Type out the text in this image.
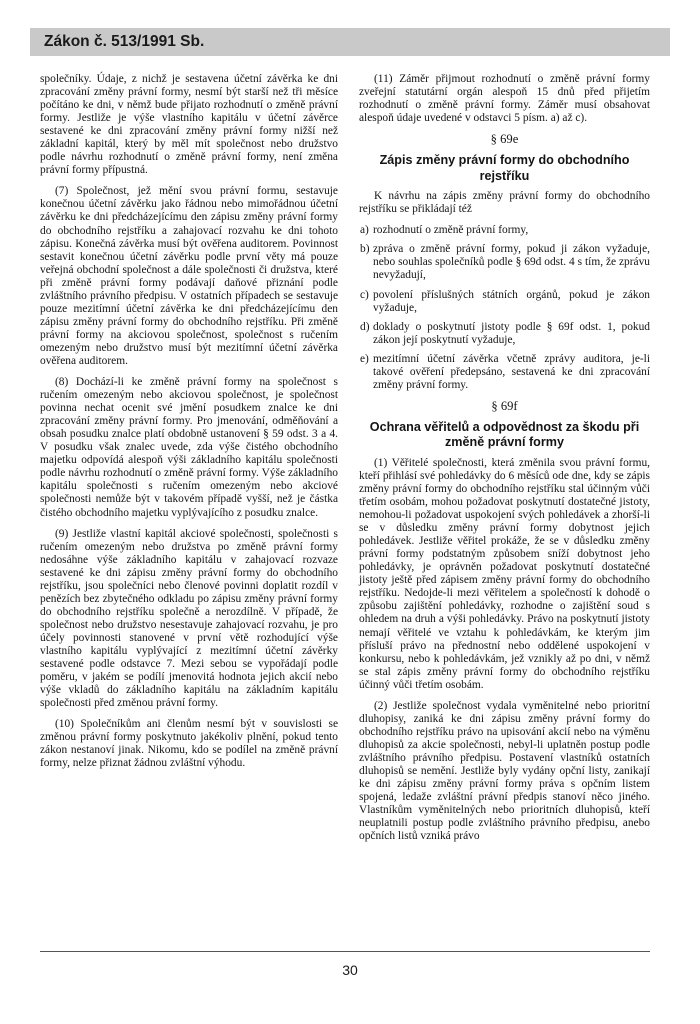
Zákon č. 513/1991 Sb.

společníky. Údaje, z nichž je sestavena účetní závěrka ke dni zpracování změny právní formy, nesmí být starší než tři měsíce počítáno ke dni, v němž bude přijato rozhodnutí o změně právní formy. Jestliže je výše vlastního kapitálu v účetní závěrce sestavené ke dni zpracování změny právní formy nižší než základní kapitál, který by měl mít společnost nebo družstvo podle návrhu rozhodnutí o změně právní formy, není změna právní formy přípustná.

(7) Společnost, jež mění svou právní formu, sestavuje konečnou účetní závěrku jako řádnou nebo mimořádnou účetní závěrku ke dni předcházejícímu den zápisu změny právní formy do obchodního rejstříku a zahajovací rozvahu ke dni tohoto zápisu. Konečná závěrka musí být ověřena auditorem. Povinnost sestavit konečnou účetní závěrku podle první věty má pouze veřejná obchodní společnost a dále společnosti či družstva, které při změně právní formy podávají daňové přiznání podle zvláštního právního předpisu. V ostatních případech se sestavuje pouze mezitímní účetní závěrka ke dni předcházejícímu den zápisu změny právní formy do obchodního rejstříku. Při změně právní formy na akciovou společnost, společnost s ručením omezeným nebo družstvo musí být mezitímní účetní závěrka ověřena auditorem.

(8) Dochází-li ke změně právní formy na společnost s ručením omezeným nebo akciovou společnost, je společnost povinna nechat ocenit své jmění posudkem znalce ke dni zpracování změny právní formy. Pro jmenování, odměňování a obsah posudku znalce platí obdobně ustanovení § 59 odst. 3 a 4. V posudku však znalec uvede, zda výše čistého obchodního majetku odpovídá alespoň výši základního kapitálu společnosti podle návrhu rozhodnutí o změně právní formy. Výše základního kapitálu společnosti s ručením omezeným nebo akciové společnosti nemůže být v takovém případě vyšší, než je částka čistého obchodního majetku vyplývajícího z posudku znalce.

(9) Jestliže vlastní kapitál akciové společnosti, společnosti s ručením omezeným nebo družstva po změně právní formy nedosáhne výše základního kapitálu v zahajovací rozvaze sestavené ke dni zápisu změny právní formy do obchodního rejstříku, jsou společníci nebo členové povinni doplatit rozdíl v penězích bez zbytečného odkladu po zápisu změny právní formy do obchodního rejstříku společně a nerozdílně. V případě, že společnost nebo družstvo nesestavuje zahajovací rozvahu, je pro účely povinnosti stanovené v první větě rozhodující výše vlastního kapitálu vyplývající z mezitímní účetní závěrky sestavené podle odstavce 7. Mezi sebou se vypořádají podle poměru, v jakém se podílí jmenovitá hodnota jejich akcií nebo výše vkladů do základního kapitálu na základním kapitálu společnosti před změnou právní formy.

(10) Společníkům ani členům nesmí být v souvislosti se změnou právní formy poskytnuto jakékoliv plnění, pokud tento zákon nestanoví jinak. Nikomu, kdo se podílel na změně právní formy, nelze přiznat žádnou zvláštní výhodu.

(11) Záměr přijmout rozhodnutí o změně právní formy zveřejní statutární orgán alespoň 15 dnů před přijetím rozhodnutí o změně právní formy. Záměr musí obsahovat alespoň údaje uvedené v odstavci 5 písm. a) až c).

§ 69e
Zápis změny právní formy do obchodního rejstříku

K návrhu na zápis změny právní formy do obchodního rejstříku se přikládají též

a) rozhodnutí o změně právní formy,
b) zpráva o změně právní formy, pokud ji zákon vyžaduje, nebo souhlas společníků podle § 69d odst. 4 s tím, že zprávu nevyžadují,
c) povolení příslušných státních orgánů, pokud je zákon vyžaduje,
d) doklady o poskytnutí jistoty podle § 69f odst. 1, pokud zákon její poskytnutí vyžaduje,
e) mezitímní účetní závěrka včetně zprávy auditora, je-li takové ověření předepsáno, sestavená ke dni zpracování změny právní formy.
§ 69f
Ochrana věřitelů a odpovědnost za škodu při změně právní formy

(1) Věřitelé společnosti, která změnila svou právní formu, kteří přihlásí své pohledávky do 6 měsíců ode dne, kdy se zápis změny právní formy do obchodního rejstříku stal účinným vůči třetím osobám, mohou požadovat poskytnutí dostatečné jistoty, nemohou-li požadovat uspokojení svých pohledávek a zhorší-li se v důsledku změny právní formy dobytnost jejich pohledávek. Jestliže věřitel prokáže, že se v důsledku změny právní formy podstatným způsobem sníží dobytnost jeho pohledávky, je oprávněn požadovat poskytnutí dostatečné jistoty ještě před zápisem změny právní formy do obchodního rejstříku. Nedojde-li mezi věřitelem a společností k dohodě o způsobu zajištění pohledávky, rozhodne o zajištění soud s ohledem na druh a výši pohledávky. Právo na poskytnutí jistoty nemají věřitelé ve vztahu k pohledávkám, ke kterým jim přísluší právo na přednostní nebo oddělené uspokojení v konkursu, nebo k pohledávkám, jež vznikly až po dni, v němž se stal zápis změny právní formy do obchodního rejstříku účinný vůči třetím osobám.

(2) Jestliže společnost vydala vyměnitelné nebo prioritní dluhopisy, zaniká ke dni zápisu změny právní formy do obchodního rejstříku právo na upisování akcií nebo na výměnu dluhopisů za akcie společnosti, nebyl-li uplatněn postup podle zvláštního právního předpisu. Postavení vlastníků ostatních dluhopisů se nemění. Jestliže byly vydány opční listy, zanikají ke dni zápisu změny právní formy práva s opčním listem spojená, ledaže zvláštní právní předpis stanoví něco jiného. Vlastníkům vyměnitelných nebo prioritních dluhopisů, kteří neuplatnili postup podle zvláštního právního předpisu, anebo opčních listů vzniká právo

30
